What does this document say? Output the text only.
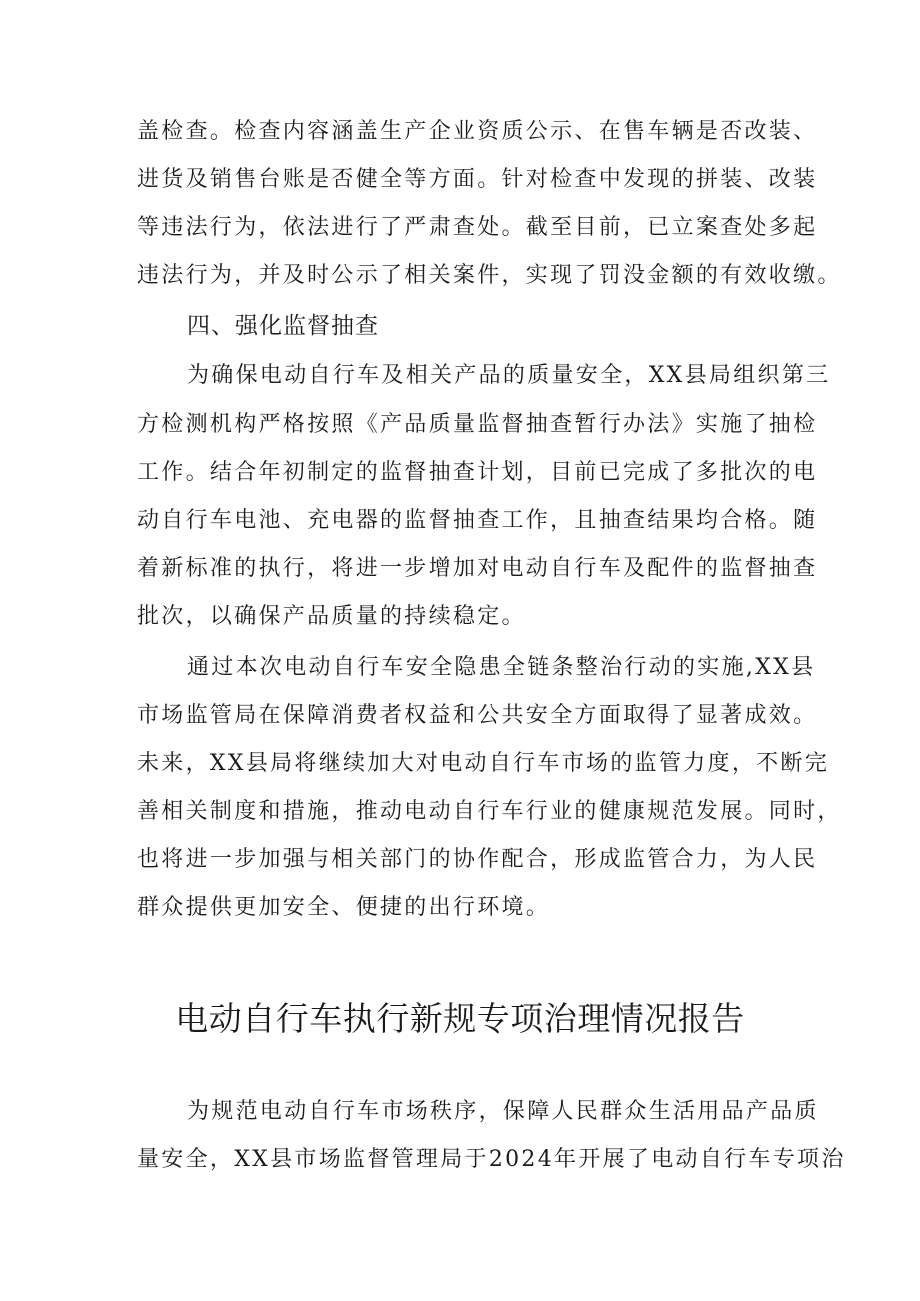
盖检查。检查内容涵盖生产企业资质公示、在售车辆是否改装、
进货及销售台账是否健全等方面。针对检查中发现的拼装、改装
等违法行为，依法进行了严肃查处。截至目前，已立案查处多起
违法行为，并及时公示了相关案件，实现了罚没金额的有效收缴。
四、强化监督抽查
为确保电动自行车及相关产品的质量安全，XX县局组织第三
方检测机构严格按照《产品质量监督抽查暂行办法》实施了抽检
工作。结合年初制定的监督抽查计划，目前已完成了多批次的电
动自行车电池、充电器的监督抽查工作，且抽查结果均合格。随
着新标准的执行，将进一步增加对电动自行车及配件的监督抽查
批次，以确保产品质量的持续稳定。
通过本次电动自行车安全隐患全链条整治行动的实施,XX县
市场监管局在保障消费者权益和公共安全方面取得了显著成效。
未来，XX县局将继续加大对电动自行车市场的监管力度，不断完
善相关制度和措施，推动电动自行车行业的健康规范发展。同时，
也将进一步加强与相关部门的协作配合，形成监管合力，为人民
群众提供更加安全、便捷的出行环境。
电动自行车执行新规专项治理情况报告
为规范电动自行车市场秩序，保障人民群众生活用品产品质
量安全，XX县市场监督管理局于2024年开展了电动自行车专项治
